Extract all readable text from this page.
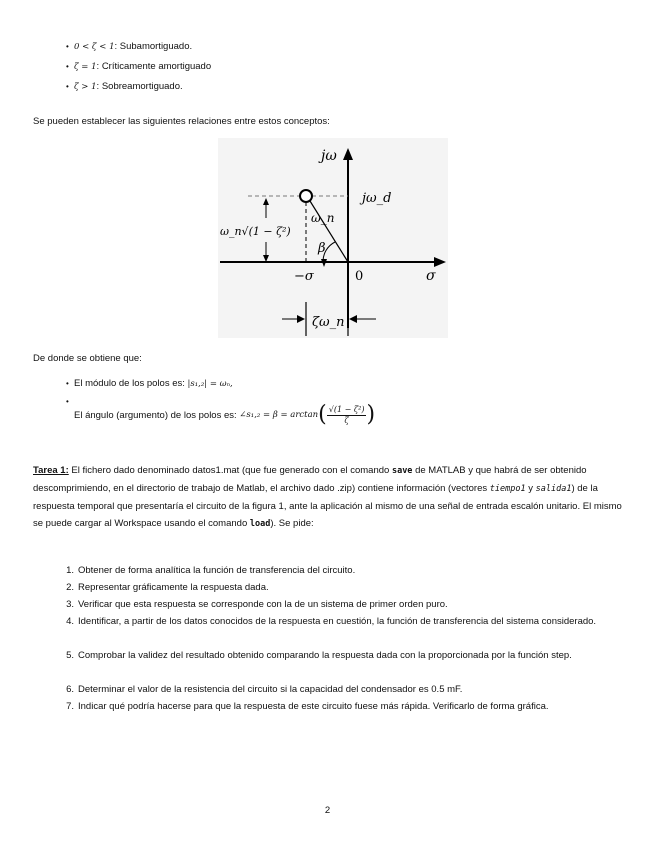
• 0 < ζ < 1: Subamortiguado.
• ζ = 1: Críticamente amortiguado
• ζ > 1: Sobreamortiguado.
Se pueden establecer las siguientes relaciones entre estos conceptos:
jω
jω_d
ω_n
β
ω_n√(1 − ζ²)
−σ	0	σ
ζω_n
De donde se obtiene que:
• El módulo de los polos es: |s₁,₂| = ωₙ,
•
El ángulo (argumento) de los polos es:
∠s₁,₂ = β = arctan ( $\frac{\text{√(1 − ζ²)}}{\zeta}$ )
Tarea 1: El fichero dado denominado datos1.mat (que fue generado con el comando save de MATLAB y que habrá de ser obtenido descomprimiendo, en el directorio de trabajo de Matlab, el archivo dado .zip) contiene información (vectores tiempo1 y salida1) de la respuesta temporal que presentaría el circuito de la figura 1, ante la aplicación al mismo de una señal de entrada escalón unitario. El mismo se puede cargar al Workspace usando el comando load). Se pide:
1. Obtener de forma analítica la función de transferencia del circuito.
2. Representar gráficamente la respuesta dada.
3. Verificar que esta respuesta se corresponde con la de un sistema de primer orden puro.
4. Identificar, a partir de los datos conocidos de la respuesta en cuestión, la función de transferencia del sistema considerado.
5. Comprobar la validez del resultado obtenido comparando la respuesta dada con la proporcionada por la función step.
6. Determinar el valor de la resistencia del circuito si la capacidad del condensador es 0.5 mF.
7. Indicar qué podría hacerse para que la respuesta de este circuito fuese más rápida. Verificarlo de forma gráfica.
2
